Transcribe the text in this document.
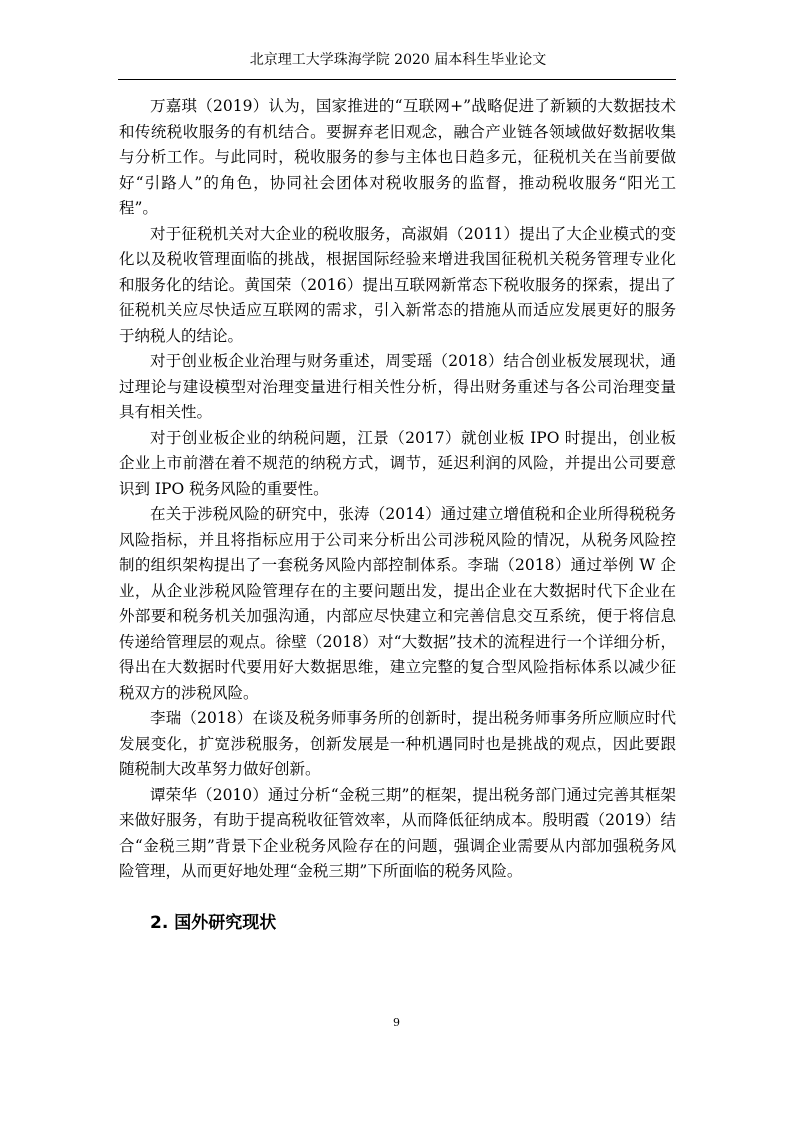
北京理工大学珠海学院 2020 届本科生毕业论文

万嘉琪（2019）认为，国家推进的“互联网+”战略促进了新颖的大数据技术和传统税收服务的有机结合。要摒弃老旧观念，融合产业链各领域做好数据收集与分析工作。与此同时，税收服务的参与主体也日趋多元，征税机关在当前要做好“引路人”的角色，协同社会团体对税收服务的监督，推动税收服务“阳光工程”。

对于征税机关对大企业的税收服务，高淑娟（2011）提出了大企业模式的变化以及税收管理面临的挑战，根据国际经验来增进我国征税机关税务管理专业化和服务化的结论。黄国荣（2016）提出互联网新常态下税收服务的探索，提出了征税机关应尽快适应互联网的需求，引入新常态的措施从而适应发展更好的服务于纳税人的结论。

对于创业板企业治理与财务重述，周雯瑶（2018）结合创业板发展现状，通过理论与建设模型对治理变量进行相关性分析，得出财务重述与各公司治理变量具有相关性。

对于创业板企业的纳税问题，江景（2017）就创业板 IPO 时提出，创业板企业上市前潜在着不规范的纳税方式，调节，延迟利润的风险，并提出公司要意识到 IPO 税务风险的重要性。

在关于涉税风险的研究中，张涛（2014）通过建立增值税和企业所得税税务风险指标，并且将指标应用于公司来分析出公司涉税风险的情况，从税务风险控制的组织架构提出了一套税务风险内部控制体系。李瑞（2018）通过举例 W 企业，从企业涉税风险管理存在的主要问题出发，提出企业在大数据时代下企业在外部要和税务机关加强沟通，内部应尽快建立和完善信息交互系统，便于将信息传递给管理层的观点。徐壁（2018）对“大数据”技术的流程进行一个详细分析，得出在大数据时代要用好大数据思维，建立完整的复合型风险指标体系以减少征税双方的涉税风险。

李瑞（2018）在谈及税务师事务所的创新时，提出税务师事务所应顺应时代发展变化，扩宽涉税服务，创新发展是一种机遇同时也是挑战的观点，因此要跟随税制大改革努力做好创新。

谭荣华（2010）通过分析“金税三期”的框架，提出税务部门通过完善其框架来做好服务，有助于提高税收征管效率，从而降低征纳成本。殷明霞（2019）结合“金税三期”背景下企业税务风险存在的问题，强调企业需要从内部加强税务风险管理，从而更好地处理“金税三期”下所面临的税务风险。

2. 国外研究现状
9
